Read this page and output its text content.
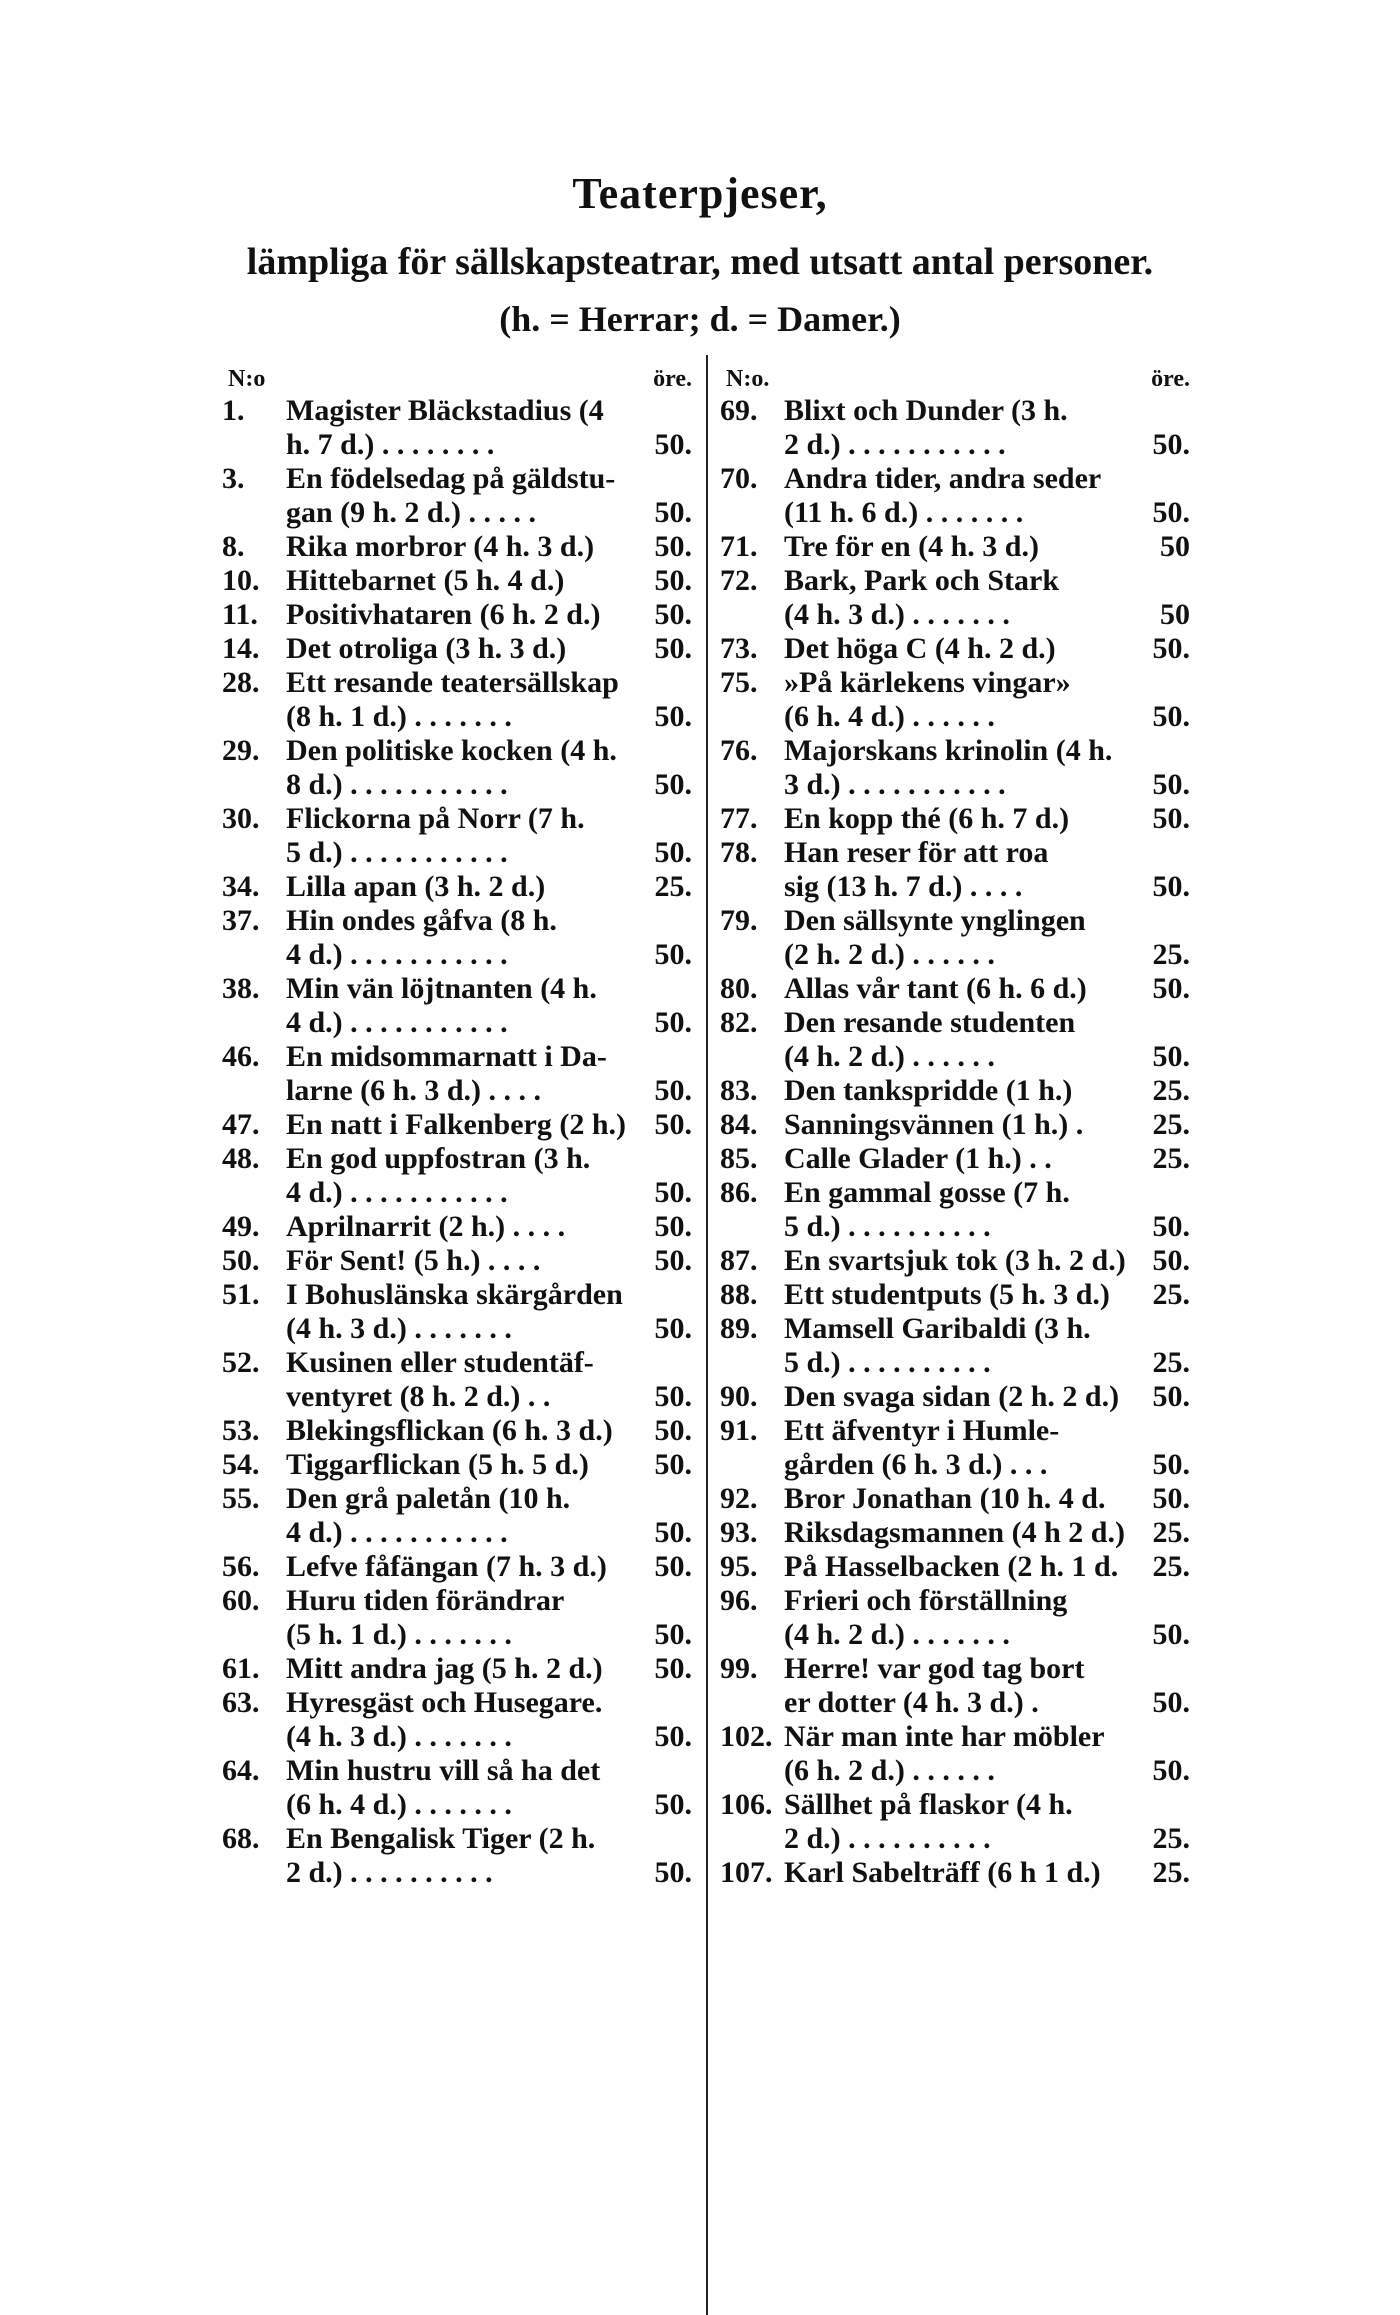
Teaterpjeser,
lämpliga för sällskapsteatrar, med utsatt antal personer.
(h. = Herrar; d. = Damer.)
N:o	öre.
1.	Magister Bläckstadius (4
h. 7 d.) . . . . . . . .	50.
3.	En födelsedag på gäldstu-
gan (9 h. 2 d.) . . . . .	50.
8.	Rika morbror (4 h. 3 d.)	50.
10. Hittebarnet (5 h. 4 d.)	50.
11. Positivhataren (6 h. 2 d.)	50.
14. Det otroliga (3 h. 3 d.)	50.
28. Ett resande teatersällskap
(8 h. 1 d.) . . . . . . .	50.
29. Den politiske kocken (4 h.
8 d.) . . . . . . . . . . .	50.
30. Flickorna på Norr (7 h.
5 d.) . . . . . . . . . . .	50.
34. Lilla apan (3 h. 2 d.)	25.
37. Hin ondes gåfva (8 h.
4 d.) . . . . . . . . . . .	50.
38. Min vän löjtnanten (4 h.
4 d.) . . . . . . . . . . .	50.
46. En midsommarnatt i Da-
larne (6 h. 3 d.) . . . .	50.
47. En natt i Falkenberg (2 h.) 50.
48. En god uppfostran (3 h.
4 d.) . . . . . . . . . . .	50.
49. Aprilnarrit (2 h.) . . . .	50.
50. För Sent! (5 h.) . . . .	50.
51. I Bohuslänska skärgården
(4 h. 3 d.) . . . . . . .	50.
52. Kusinen eller studentäf-
ventyret (8 h. 2 d.) . .	50.
53. Blekingsflickan (6 h. 3 d.)	50.
54. Tiggarflickan (5 h. 5 d.)	50.
55. Den grå paletån (10 h.
4 d.) . . . . . . . . . . .	50.
56. Lefve fåfängan (7 h. 3 d.)	50.
60. Huru tiden förändrar
(5 h. 1 d.) . . . . . . .	50.
61. Mitt andra jag (5 h. 2 d.)	50.
63. Hyresgäst och Husegare.
(4 h. 3 d.) . . . . . . .	50.
64. Min hustru vill så ha det
(6 h. 4 d.) . . . . . . .	50.
68. En Bengalisk Tiger (2 h.
2 d.) . . . . . . . . . .	50.
N:o.	öre.
69. Blixt och Dunder (3 h.
2 d.) . . . . . . . . . . .	50.
70. Andra tider, andra seder
(11 h. 6 d.) . . . . . . .	50.
71. Tre för en (4 h. 3 d.)	50
72. Bark, Park och Stark
(4 h. 3 d.) . . . . . . .	50
73. Det höga C (4 h. 2 d.)	50.
75. »På kärlekens vingar»
(6 h. 4 d.) . . . . . .	50.
76. Majorskans krinolin (4 h.
3 d.) . . . . . . . . . . .	50.
77. En kopp thé (6 h. 7 d.)	50.
78. Han reser för att roa
sig (13 h. 7 d.) . . . .	50.
79. Den sällsynte ynglingen
(2 h. 2 d.) . . . . . .	25.
80. Allas vår tant (6 h. 6 d.)	50.
82. Den resande studenten
(4 h. 2 d.) . . . . . .	50.
83. Den tankspridde (1 h.)	25.
84. Sanningsvännen (1 h.) .	25.
85. Calle Glader (1 h.) . .	25.
86. En gammal gosse (7 h.
5 d.) . . . . . . . . . .	50.
87. En svartsjuk tok (3 h. 2 d.) 50.
88. Ett studentputs (5 h. 3 d.)	25.
89. Mamsell Garibaldi (3 h.
5 d.) . . . . . . . . . .	25.
90. Den svaga sidan (2 h. 2 d.)	50.
91. Ett äfventyr i Humle-
gården (6 h. 3 d.) . . .	50.
92. Bror Jonathan (10 h. 4 d.	50.
93. Riksdagsmannen (4 h 2 d.) 25.
95. På Hasselbacken (2 h. 1 d.	25.
96. Frieri och förställning
(4 h. 2 d.) . . . . . . .	50.
99. Herre! var god tag bort
er dotter (4 h. 3 d.) .	50.
102. När man inte har möbler
(6 h. 2 d.) . . . . . .	50.
106. Sällhet på flaskor (4 h.
2 d.) . . . . . . . . . .	25.
107. Karl Sabelträff (6 h 1 d.)	25.
